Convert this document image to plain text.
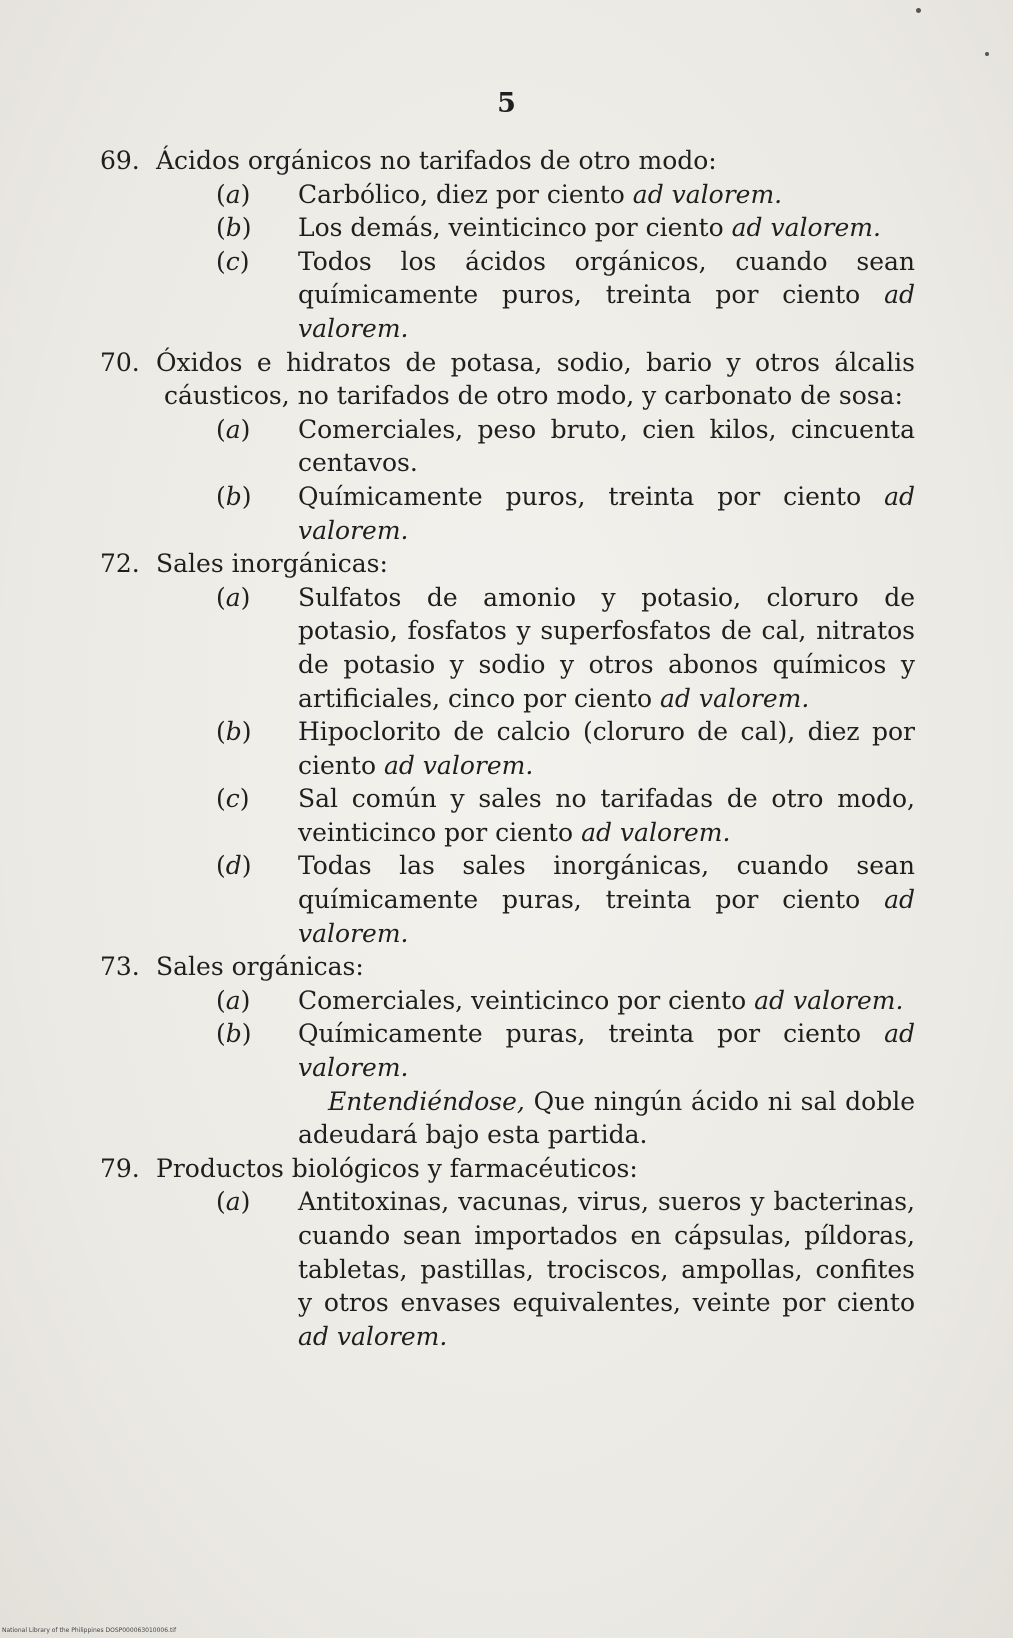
5
69. Ácidos orgánicos no tarifados de otro modo:
(a)	Carbólico, diez por ciento ad valorem.
(b)	Los demás, veinticinco por ciento ad valorem.
(c)	Todos los ácidos orgánicos, cuando sean químicamente puros, treinta por ciento ad valorem.
70. Óxidos e hidratos de potasa, sodio, bario y otros álcalis cáusticos, no tarifados de otro modo, y carbonato de sosa:
(a)	Comerciales, peso bruto, cien kilos, cincuenta centavos.
(b)	Químicamente puros, treinta por ciento ad valorem.
72. Sales inorgánicas:
(a)	Sulfatos de amonio y potasio, cloruro de potasio, fosfatos y superfosfatos de cal, nitratos de potasio y sodio y otros abonos químicos y artificiales, cinco por ciento ad valorem.
(b)	Hipoclorito de calcio (cloruro de cal), diez por ciento ad valorem.
(c)	Sal común y sales no tarifadas de otro modo, veinticinco por ciento ad valorem.
(d)	Todas las sales inorgánicas, cuando sean químicamente puras, treinta por ciento ad valorem.
73. Sales orgánicas:
(a)	Comerciales, veinticinco por ciento ad valorem.
(b)	Químicamente puras, treinta por ciento ad valorem.
Entendiéndose, Que ningún ácido ni sal doble adeudará bajo esta partida.
79. Productos biológicos y farmacéuticos:
(a)	Antitoxinas, vacunas, virus, sueros y bacterinas, cuando sean importados en cápsulas, píldoras, tabletas, pastillas, trociscos, ampollas, confites y otros envases equivalentes, veinte por ciento ad valorem.
National Library of the Philippines DOSP000063010006.tif
